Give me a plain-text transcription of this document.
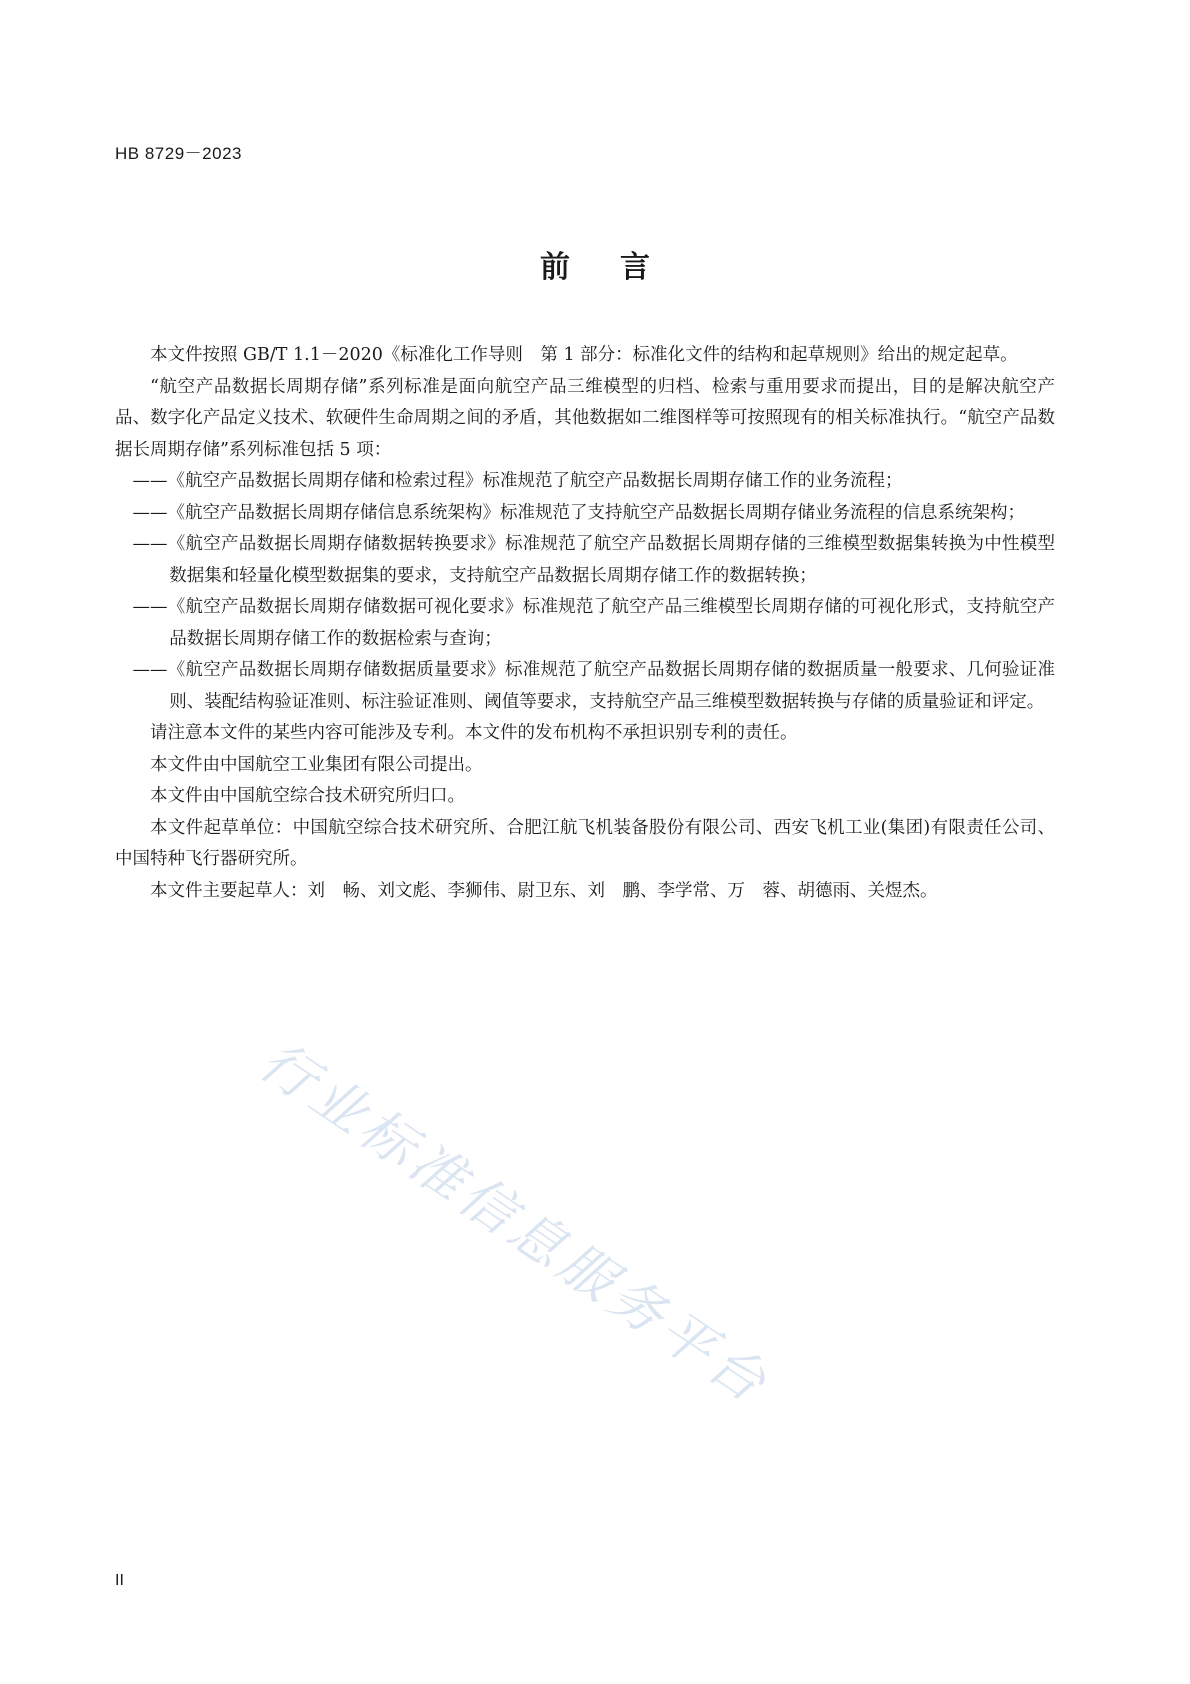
HB 8729－2023
前言

本文件按照 GB/T 1.1－2020《标准化工作导则　第 1 部分：标准化文件的结构和起草规则》给出的规定起草。

“航空产品数据长周期存储”系列标准是面向航空产品三维模型的归档、检索与重用要求而提出，目的是解决航空产品、数字化产品定义技术、软硬件生命周期之间的矛盾，其他数据如二维图样等可按照现有的相关标准执行。“航空产品数据长周期存储”系列标准包括 5 项：

——《航空产品数据长周期存储和检索过程》标准规范了航空产品数据长周期存储工作的业务流程；

——《航空产品数据长周期存储信息系统架构》标准规范了支持航空产品数据长周期存储业务流程的信息系统架构；

——《航空产品数据长周期存储数据转换要求》标准规范了航空产品数据长周期存储的三维模型数据集转换为中性模型数据集和轻量化模型数据集的要求，支持航空产品数据长周期存储工作的数据转换；

——《航空产品数据长周期存储数据可视化要求》标准规范了航空产品三维模型长周期存储的可视化形式，支持航空产品数据长周期存储工作的数据检索与查询；

——《航空产品数据长周期存储数据质量要求》标准规范了航空产品数据长周期存储的数据质量一般要求、几何验证准则、装配结构验证准则、标注验证准则、阈值等要求，支持航空产品三维模型数据转换与存储的质量验证和评定。

请注意本文件的某些内容可能涉及专利。本文件的发布机构不承担识别专利的责任。

本文件由中国航空工业集团有限公司提出。

本文件由中国航空综合技术研究所归口。

本文件起草单位：中国航空综合技术研究所、合肥江航飞机装备股份有限公司、西安飞机工业(集团)有限责任公司、中国特种飞行器研究所。

本文件主要起草人：刘　畅、刘文彪、李狮伟、尉卫东、刘　鹏、李学常、万　蓉、胡德雨、关煜杰。

行业标准信息服务平台
II
